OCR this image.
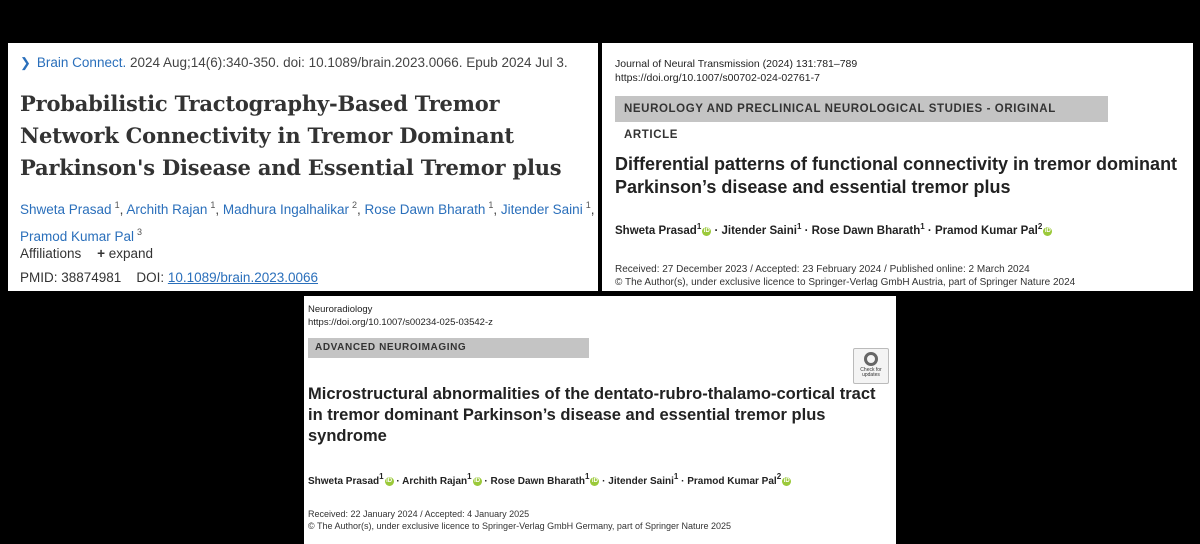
❯ Brain Connect. 2024 Aug;14(6):340-350. doi: 10.1089/brain.2023.0066. Epub 2024 Jul 3.
Probabilistic Tractography-Based Tremor Network Connectivity in Tremor Dominant Parkinson's Disease and Essential Tremor plus
Shweta Prasad $^1$, Archith Rajan $^1$, Madhura Ingalhalikar $^2$, Rose Dawn Bharath $^1$, Jitender Saini $^1$, Pramod Kumar Pal $^3$
Affiliations + expand
PMID: 38874981 DOI: 10.1089/brain.2023.0066
Journal of Neural Transmission (2024) 131:781–789
https://doi.org/10.1007/s00702-024-02761-7
NEUROLOGY AND PRECLINICAL NEUROLOGICAL STUDIES - ORIGINAL ARTICLE
Differential patterns of functional connectivity in tremor dominant Parkinson’s disease and essential tremor plus
Shweta Prasad$^1$ iD · Jitender Saini$^1$ · Rose Dawn Bharath$^1$ · Pramod Kumar Pal$^2$ iD
Received: 27 December 2023 / Accepted: 23 February 2024 / Published online: 2 March 2024
© The Author(s), under exclusive licence to Springer-Verlag GmbH Austria, part of Springer Nature 2024
Neuroradiology
https://doi.org/10.1007/s00234-025-03542-z
ADVANCED NEUROIMAGING
Check for updates
Microstructural abnormalities of the dentato-rubro-thalamo-cortical tract in tremor dominant Parkinson’s disease and essential tremor plus syndrome
Shweta Prasad$^1$ iD · Archith Rajan$^1$ iD · Rose Dawn Bharath$^1$ iD · Jitender Saini$^1$ · Pramod Kumar Pal$^2$ iD
Received: 22 January 2024 / Accepted: 4 January 2025
© The Author(s), under exclusive licence to Springer-Verlag GmbH Germany, part of Springer Nature 2025
